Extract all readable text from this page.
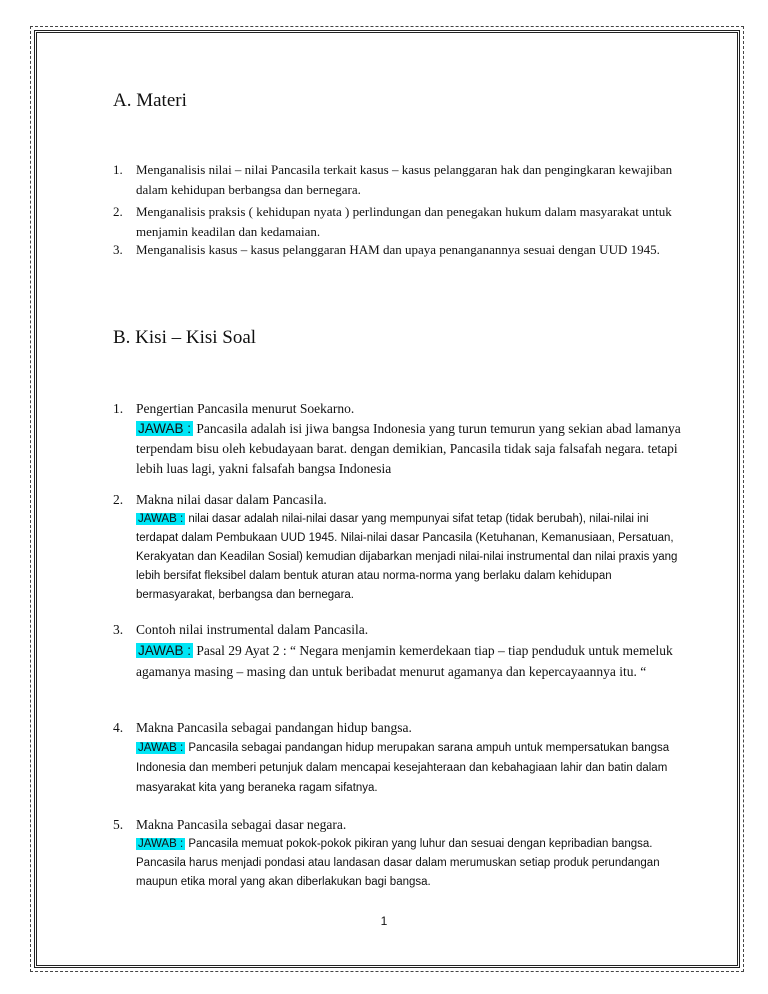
A. Materi
1.	Menganalisis nilai – nilai Pancasila terkait kasus – kasus pelanggaran hak dan pengingkaran kewajiban dalam kehidupan berbangsa dan bernegara.
2.	Menganalisis praksis ( kehidupan nyata ) perlindungan dan penegakan hukum dalam masyarakat untuk menjamin keadilan dan kedamaian.
3.	Menganalisis kasus – kasus pelanggaran HAM dan upaya penanganannya sesuai dengan UUD 1945.
B. Kisi – Kisi Soal
1. Pengertian Pancasila menurut Soekarno.
JAWAB : Pancasila adalah isi jiwa bangsa Indonesia yang turun temurun yang sekian abad lamanya terpendam bisu oleh kebudayaan barat. dengan demikian, Pancasila tidak saja falsafah negara. tetapi lebih luas lagi, yakni falsafah bangsa Indonesia
2. Makna nilai dasar dalam Pancasila.
JAWAB : nilai dasar adalah nilai-nilai dasar yang mempunyai sifat tetap (tidak berubah), nilai-nilai ini terdapat dalam Pembukaan UUD 1945. Nilai-nilai dasar Pancasila (Ketuhanan, Kemanusiaan, Persatuan, Kerakyatan dan Keadilan Sosial) kemudian dijabarkan menjadi nilai-nilai instrumental dan nilai praxis yang lebih bersifat fleksibel dalam bentuk aturan atau norma-norma yang berlaku dalam kehidupan bermasyarakat, berbangsa dan bernegara.
3. Contoh nilai instrumental dalam Pancasila.
JAWAB : Pasal 29 Ayat 2 : “ Negara menjamin kemerdekaan tiap – tiap penduduk untuk memeluk agamanya masing – masing dan untuk beribadat menurut agamanya dan kepercayaannya itu. “
4. Makna Pancasila sebagai pandangan hidup bangsa.
JAWAB : Pancasila sebagai pandangan hidup merupakan sarana ampuh untuk mempersatukan bangsa Indonesia dan memberi petunjuk dalam mencapai kesejahteraan dan kebahagiaan lahir dan batin dalam masyarakat kita yang beraneka ragam sifatnya.
5. Makna Pancasila sebagai dasar negara.
JAWAB : Pancasila memuat pokok-pokok pikiran yang luhur dan sesuai dengan kepribadian bangsa. Pancasila harus menjadi pondasi atau landasan dasar dalam merumuskan setiap produk perundangan maupun etika moral yang akan diberlakukan bagi bangsa.
1
